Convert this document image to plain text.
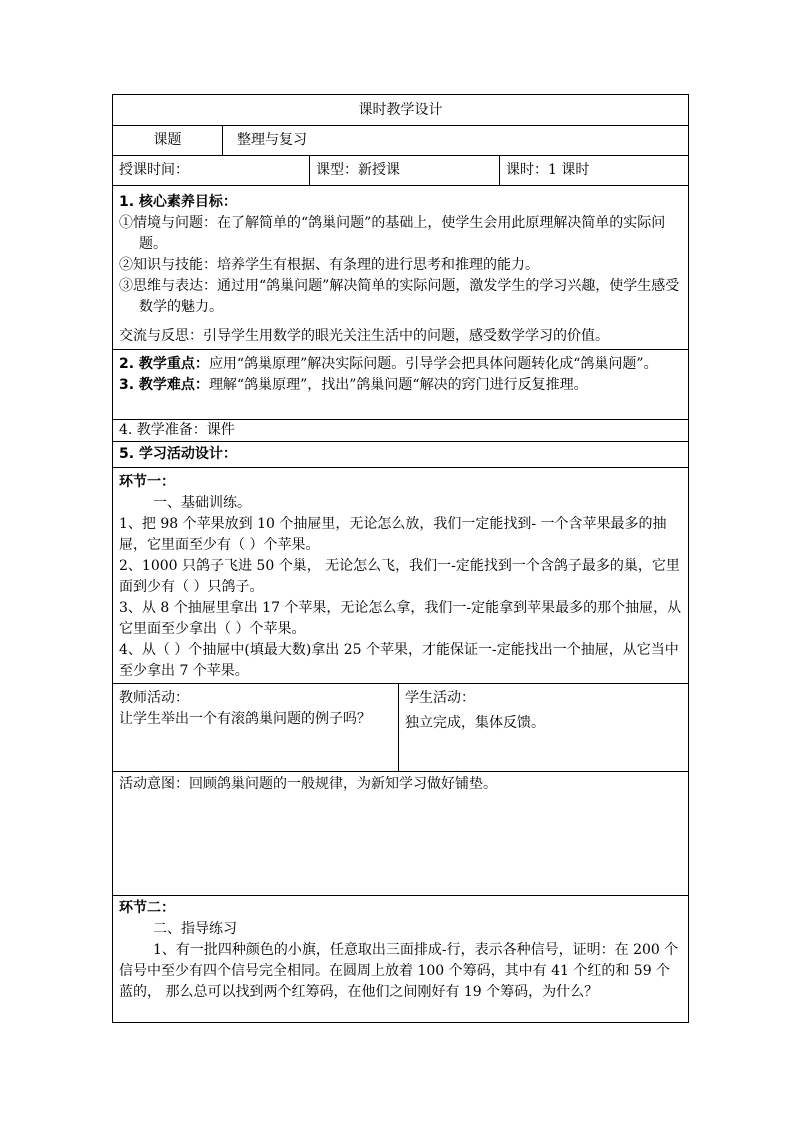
课时教学设计
课题	整理与复习
授课时间：	课型：新授课	课时：1 课时

1. 核心素养目标：

①情境与问题：在了解简单的“鸽巢问题”的基础上，使学生会用此原理解决简单的实际问题。

②知识与技能：培养学生有根据、有条理的进行思考和推理的能力。

③思维与表达：通过用“鸽巢问题”解决简单的实际问题，激发学生的学习兴趣，使学生感受数学的魅力。

交流与反思：引导学生用数学的眼光关注生活中的问题，感受数学学习的价值。

2. 教学重点：应用“鸽巢原理”解决实际问题。引导学会把具体问题转化成“鸽巢问题”。

3. 教学难点：理解“鸽巢原理”，找出”鸽巢问题“解决的窍门进行反复推理。

4. 教学准备：课件
5. 学习活动设计：

环节一：

一、基础训练。

1、把 98 个苹果放到 10 个抽屉里，无论怎么放，我们一定能找到- 一个含苹果最多的抽屉，它里面至少有（ ）个苹果。

2、1000 只鸽子飞进 50 个巢， 无论怎么飞，我们一-定能找到一个含鸽子最多的巢，它里面到少有（ ）只鸽子。

3、从 8 个抽屉里拿出 17 个苹果，无论怎么拿，我们一-定能拿到苹果最多的那个抽屉，从它里面至少拿出（ ）个苹果。

4、从（ ）个抽屉中(填最大数)拿出 25 个苹果，才能保证一-定能找出一个抽屉，从它当中至少拿出 7 个苹果。

教师活动：

让学生举出一个有滚鸽巢问题的例子吗？

学生活动：

独立完成，集体反馈。

活动意图：回顾鸽巢问题的一般规律，为新知学习做好铺垫。

环节二：

二、指导练习

1、有一批四种颜色的小旗，任意取出三面排成-行，表示各种信号，证明：在 200 个信号中至少有四个信号完全相同。在圆周上放着 100 个筹码，其中有 41 个红的和 59 个蓝的， 那么总可以找到两个红筹码，在他们之间刚好有 19 个筹码，为什么？
